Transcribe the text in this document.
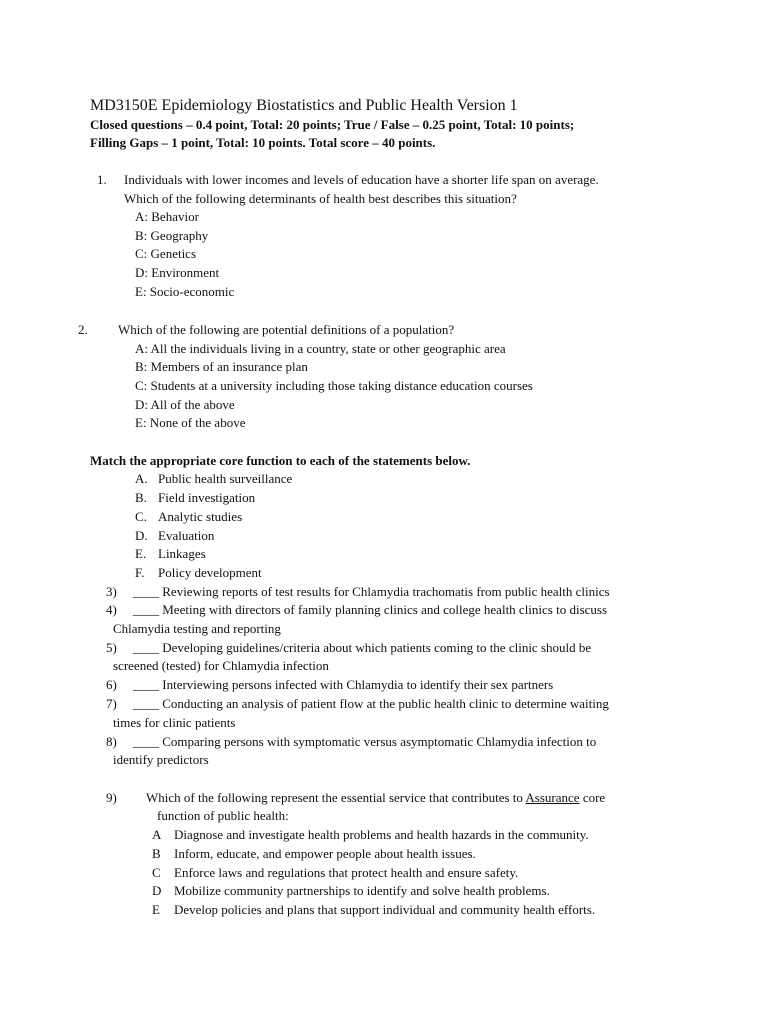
MD3150E Epidemiology Biostatistics and Public Health Version 1
Closed questions – 0.4 point, Total: 20 points; True / False – 0.25 point, Total: 10 points;
Filling Gaps – 1 point, Total: 10 points. Total score – 40 points.
1. Individuals with lower incomes and levels of education have a shorter life span on average.
Which of the following determinants of health best describes this situation?
A: Behavior
B: Geography
C: Genetics
D: Environment
E: Socio-economic
2. Which of the following are potential definitions of a population?
A: All the individuals living in a country, state or other geographic area
B: Members of an insurance plan
C: Students at a university including those taking distance education courses
D: All of the above
E: None of the above
Match the appropriate core function to each of the statements below.
A. Public health surveillance
B. Field investigation
C. Analytic studies
D. Evaluation
E. Linkages
F. Policy development
3) ____ Reviewing reports of test results for Chlamydia trachomatis from public health clinics
4) ____ Meeting with directors of family planning clinics and college health clinics to discuss
Chlamydia testing and reporting
5) ____ Developing guidelines/criteria about which patients coming to the clinic should be
screened (tested) for Chlamydia infection
6) ____ Interviewing persons infected with Chlamydia to identify their sex partners
7) ____ Conducting an analysis of patient flow at the public health clinic to determine waiting
times for clinic patients
8) ____ Comparing persons with symptomatic versus asymptomatic Chlamydia infection to
identify predictors
9) Which of the following represent the essential service that contributes to Assurance core
function of public health:
A Diagnose and investigate health problems and health hazards in the community.
B Inform, educate, and empower people about health issues.
C Enforce laws and regulations that protect health and ensure safety.
D Mobilize community partnerships to identify and solve health problems.
E Develop policies and plans that support individual and community health efforts.
